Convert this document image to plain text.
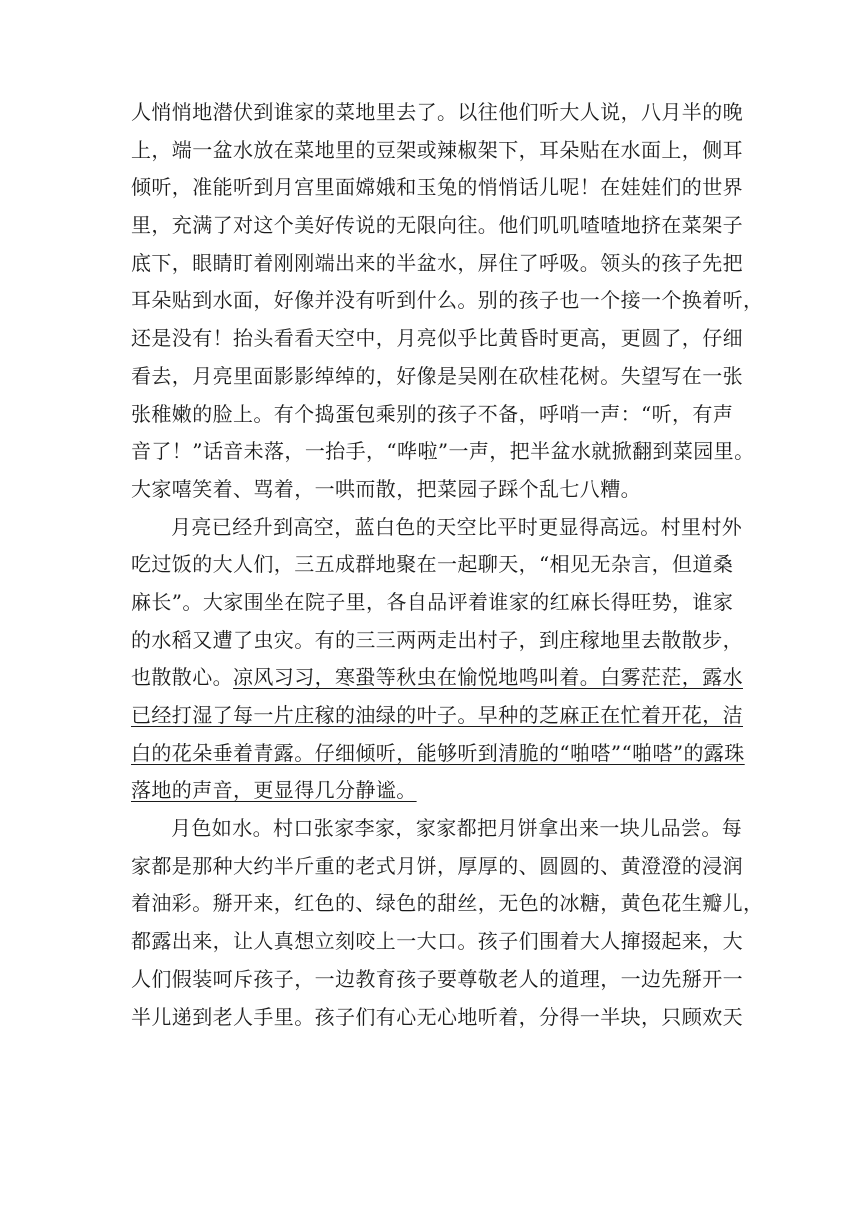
人悄悄地潜伏到谁家的菜地里去了。以往他们听大人说，八月半的晚
上，端一盆水放在菜地里的豆架或辣椒架下，耳朵贴在水面上，侧耳
倾听，准能听到月宫里面嫦娥和玉兔的悄悄话儿呢！在娃娃们的世界
里，充满了对这个美好传说的无限向往。他们叽叽喳喳地挤在菜架子
底下，眼睛盯着刚刚端出来的半盆水，屏住了呼吸。领头的孩子先把
耳朵贴到水面，好像并没有听到什么。别的孩子也一个接一个换着听，
还是没有！抬头看看天空中，月亮似乎比黄昏时更高，更圆了，仔细
看去，月亮里面影影绰绰的，好像是吴刚在砍桂花树。失望写在一张
张稚嫩的脸上。有个捣蛋包乘别的孩子不备，呼哨一声：“听，有声
音了！”话音未落，一抬手，“哗啦”一声，把半盆水就掀翻到菜园里。
大家嘻笑着、骂着，一哄而散，把菜园子踩个乱七八糟。
月亮已经升到高空，蓝白色的天空比平时更显得高远。村里村外
吃过饭的大人们，三五成群地聚在一起聊天，“相见无杂言，但道桑
麻长”。大家围坐在院子里，各自品评着谁家的红麻长得旺势，谁家
的水稻又遭了虫灾。有的三三两两走出村子，到庄稼地里去散散步，
也散散心。凉风习习，寒蛩等秋虫在愉悦地鸣叫着。白雾茫茫，露水
已经打湿了每一片庄稼的油绿的叶子。早种的芝麻正在忙着开花，洁
白的花朵垂着青露。仔细倾听，能够听到清脆的“啪嗒”“啪嗒”的露珠
落地的声音，更显得几分静谧。
月色如水。村口张家李家，家家都把月饼拿出来一块儿品尝。每
家都是那种大约半斤重的老式月饼，厚厚的、圆圆的、黄澄澄的浸润
着油彩。掰开来，红色的、绿色的甜丝，无色的冰糖，黄色花生瓣儿，
都露出来，让人真想立刻咬上一大口。孩子们围着大人撺掇起来，大
人们假装呵斥孩子，一边教育孩子要尊敬老人的道理，一边先掰开一
半儿递到老人手里。孩子们有心无心地听着，分得一半块，只顾欢天
